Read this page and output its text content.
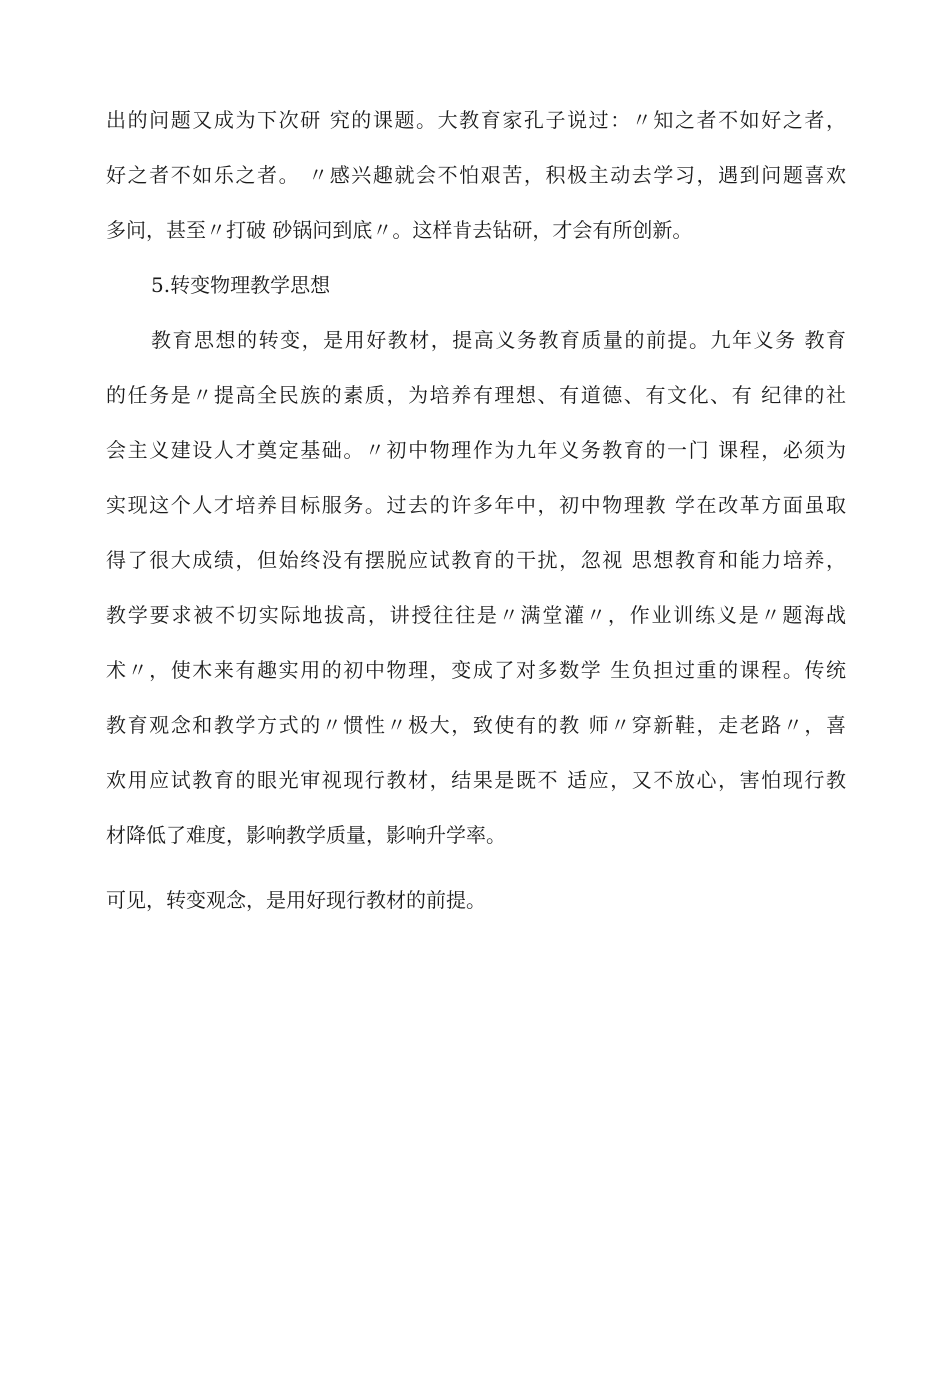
出的问题又成为下次研 究的课题。大教育家孔子说过：〃知之者不如好之者，
好之者不如乐之者。 〃感兴趣就会不怕艰苦，积极主动去学习，遇到问题喜欢
多问，甚至〃打破 砂锅问到底〃。这样肯去钻研，才会有所创新。
5.转变物理教学思想
教育思想的转变，是用好教材，提高义务教育质量的前提。九年义务 教育
的任务是〃提高全民族的素质，为培养有理想、有道德、有文化、有 纪律的社
会主义建设人才奠定基础。〃初中物理作为九年义务教育的一门 课程，必须为
实现这个人才培养目标服务。过去的许多年中，初中物理教 学在改革方面虽取
得了很大成绩，但始终没有摆脱应试教育的干扰，忽视 思想教育和能力培养，
教学要求被不切实际地拔高，讲授往往是〃满堂灌〃，作业训练义是〃题海战
术〃，使木来有趣实用的初中物理，变成了对多数学 生负担过重的课程。传统
教育观念和教学方式的〃惯性〃极大，致使有的教 师〃穿新鞋，走老路〃，喜
欢用应试教育的眼光审视现行教材，结果是既不 适应，又不放心，害怕现行教
材降低了难度，影响教学质量，影响升学率。
可见，转变观念，是用好现行教材的前提。
